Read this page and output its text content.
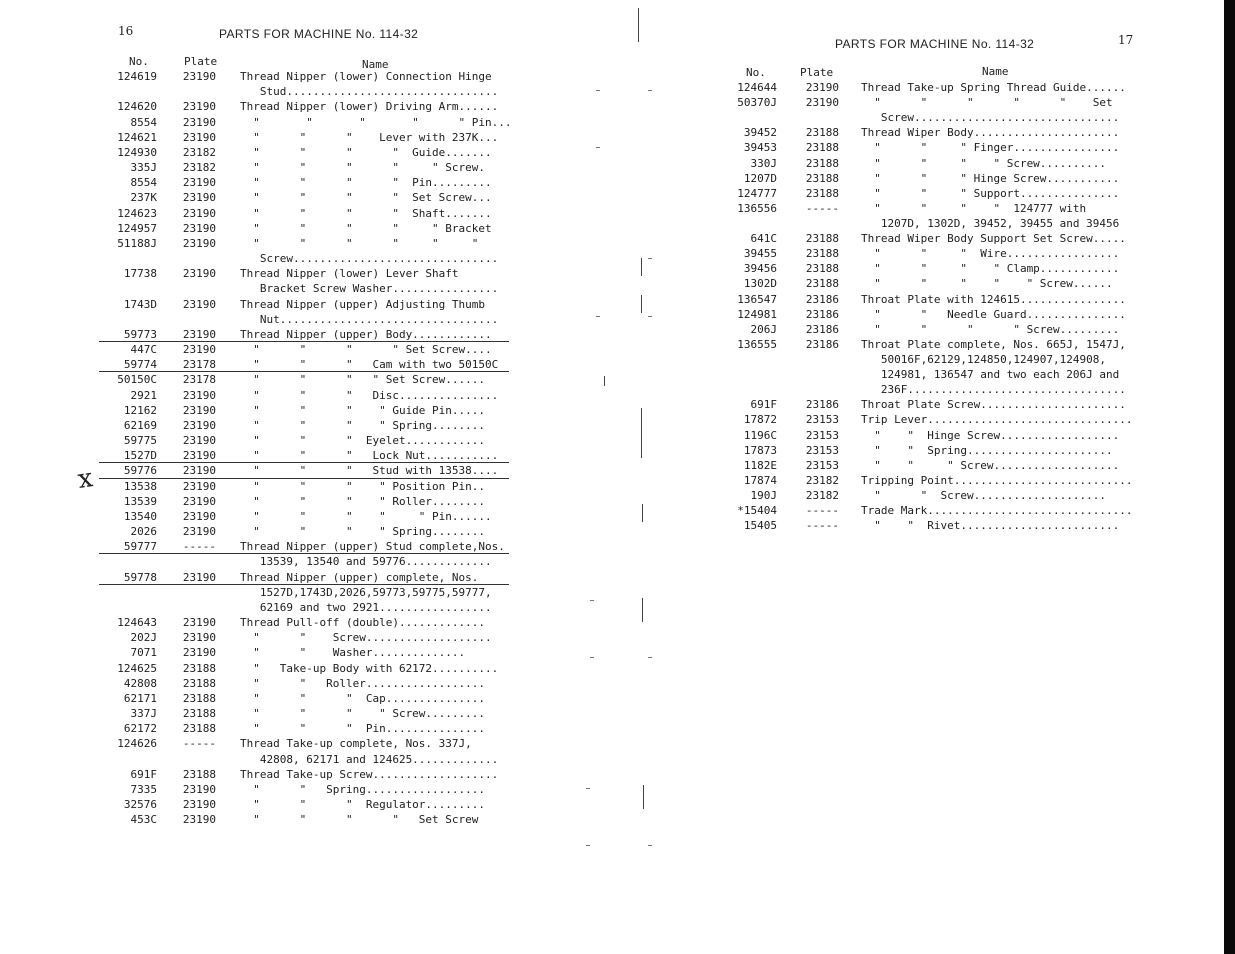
16	PARTS FOR MACHINE No. 114-32
No.	Plate	Name
124619	23190 Thread Nipper (lower) Connection Hinge
Stud................................
124620	23190 Thread Nipper (lower) Driving Arm......
8554	23190 "       "       "       "      " Pin...
124621	23190 "      "      "    Lever with 237K...
124930	23182 "      "      "      "  Guide.......
335J	23182 "      "      "      "     " Screw.
8554	23190 "      "      "      "  Pin.........
237K	23190 "      "      "      "  Set Screw...
124623	23190 "      "      "      "  Shaft.......
124957	23190 "      "      "      "     " Bracket
51188J	23190 "      "      "      "     "     "
Screw...............................
17738	23190 Thread Nipper (lower) Lever Shaft
Bracket Screw Washer................
1743D	23190 Thread Nipper (upper) Adjusting Thumb
Nut.................................
59773	23190 Thread Nipper (upper) Body............
447C	23190 "      "      "      " Set Screw....
59774	23178 "      "      "   Cam with two 50150C
50150C	23178 "      "      "   " Set Screw......
2921	23190 "      "      "   Disc...............
12162	23190 "      "      "    " Guide Pin.....
62169	23190 "      "      "    " Spring........
59775	23190 "      "      "  Eyelet............
1527D	23190 "      "      "   Lock Nut...........
59776	23190 "      "      "   Stud with 13538....
13538	23190 "      "      "    " Position Pin..
13539	23190 "      "      "    " Roller........
13540	23190 "      "      "    "     " Pin......
2026	23190 "      "      "    " Spring........
59777	----- Thread Nipper (upper) Stud complete,Nos.
13539, 13540 and 59776.............
59778	23190 Thread Nipper (upper) complete, Nos.
1527D,1743D,2026,59773,59775,59777,
62169 and two 2921.................
124643	23190 Thread Pull-off (double).............
202J	23190 "      "    Screw...................
7071	23190 "      "    Washer..............
124625	23188 "   Take-up Body with 62172..........
42808	23188 "      "   Roller..................
62171	23188 "      "      "  Cap...............
337J	23188 "      "      "    " Screw.........
62172	23188 "      "      "  Pin...............
124626	----- Thread Take-up complete, Nos. 337J,
42808, 62171 and 124625.............
691F	23188 Thread Take-up Screw...................
7335	23190 "      "   Spring..................
32576	23190 "      "      "  Regulator.........
453C	23190 "      "      "      "   Set Screw
x
PARTS FOR MACHINE No. 114-32	17
No.	Plate	Name
124644	23190 Thread Take-up Spring Thread Guide......
50370J	23190 "      "      "      "      "    Set
Screw...............................
39452	23188 Thread Wiper Body......................
39453	23188 "      "     " Finger................
330J	23188 "      "     "    " Screw..........
1207D	23188 "      "     " Hinge Screw...........
124777	23188 "      "     " Support...............
136556	----- "      "     "    "  124777 with
1207D, 1302D, 39452, 39455 and 39456
641C	23188 Thread Wiper Body Support Set Screw.....
39455	23188 "      "     "  Wire.................
39456	23188 "      "     "    " Clamp............
1302D	23188 "      "     "    "    " Screw......
136547	23186 Throat Plate with 124615................
124981	23186 "      "   Needle Guard...............
206J	23186 "      "      "      " Screw.........
136555	23186 Throat Plate complete, Nos. 665J, 1547J,
50016F,62129,124850,124907,124908,
124981, 136547 and two each 206J and
236F.................................
691F	23186 Throat Plate Screw......................
17872	23153 Trip Lever...............................
1196C	23153 "    "  Hinge Screw..................
17873	23153 "    "  Spring......................
1182E	23153 "    "     " Screw...................
17874	23182 Tripping Point...........................
190J	23182 "      "  Screw....................
*15404	----- Trade Mark...............................
15405	----- "    "  Rivet........................
